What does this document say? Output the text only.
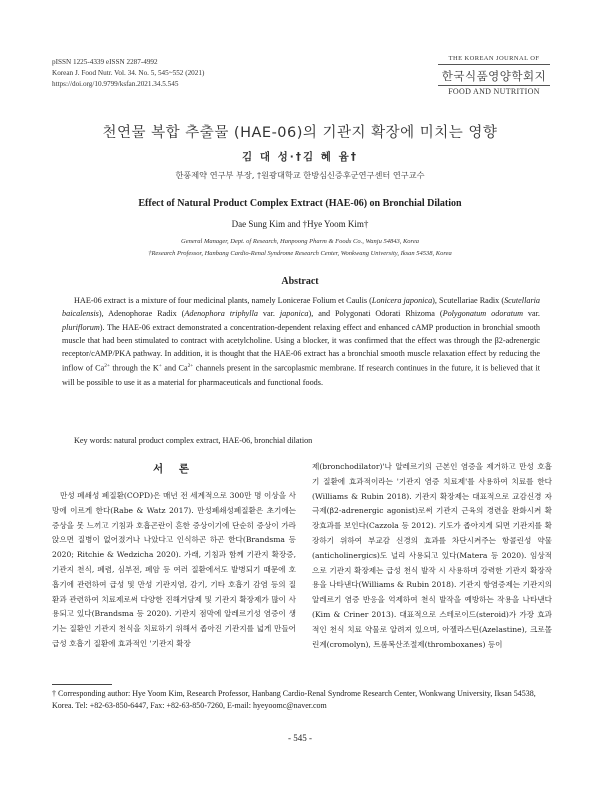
pISSN 1225-4339 eISSN 2287-4992
Korean J. Food Nutr. Vol. 34. No. 5, 545~552 (2021)
https://doi.org/10.9799/ksfan.2021.34.5.545
THE KOREAN JOURNAL OF
한국식품영양학회지
FOOD AND NUTRITION
천연물 복합 추출물 (HAE-06)의 기관지 확장에 미치는 영향
김 대 성·†김 혜 윰†
한풍제약 연구부 부장, †원광대학교 한방심신증후군연구센터 연구교수
Effect of Natural Product Complex Extract (HAE-06) on Bronchial Dilation
Dae Sung Kim and †Hye Yoom Kim†
General Manager, Dept. of Research, Hanpoong Pharm & Foods Co., Wanju 54843, Korea
†Research Professor, Hanbang Cardio-Renal Syndrome Research Center, Wonkwang University, Iksan 54538, Korea
Abstract
HAE-06 extract is a mixture of four medicinal plants, namely Lonicerae Folium et Caulis (Lonicera japonica), Scutellariae Radix (Scutellaria baicalensis), Adenophorae Radix (Adenophora triphylla var. japonica), and Polygonati Odorati Rhizoma (Polygonatum odoratum var. pluriflorum). The HAE-06 extract demonstrated a concentration-dependent relaxing effect and enhanced cAMP production in bronchial smooth muscle that had been stimulated to contract with acetylcholine. Using a blocker, it was confirmed that the effect was through the β2-adrenergic receptor/cAMP/PKA pathway. In addition, it is thought that the HAE-06 extract has a bronchial smooth muscle relaxation effect by reducing the inflow of $Ca^{2+}$ through the K+ and $Ca^{2+}$ channels present in the sarcoplasmic membrane. If research continues in the future, it is believed that it will be possible to use it as a material for pharmaceuticals and functional foods.
Key words: natural product complex extract, HAE-06, bronchial dilation
서 론
만성 폐쇄성 폐질환(COPD)은 매년 전 세계적으로 300만 명 이상을 사망에 이르게 한다(Rabe & Watz 2017). 만성폐쇄성폐질환은 초기에는 증상을 못 느끼고 기침과 호흡곤란이 흔한 증상이기에 단순히 증상이 가라앉으면 질병이 없어졌거나 나았다고 인식하곤 하곤 한다(Brandsma 등 2020; Ritchie & Wedzicha 2020). 가래, 기침과 함께 기관지 확장증, 기관지 천식, 폐렴, 심부전, 폐암 등 여러 질환에서도 발병되기 때문에 호흡기에 관련하여 급성 및 만성 기관지염, 감기, 기타 호흡기 감염 등의 질환과 관련하여 치료제로써 다양한 진해거담제 및 기관지 확장제가 많이 사용되고 있다(Brandsma 등 2020). 기관지 점막에 알레르기성 염증이 생기는 질환인 기관지 천식을 치료하기 위해서 좁아진 기관지를 넓게 만들어 급성 호흡기 질환에 효과적인 '기관지 확장
제(bronchodilator)'나 알레르기의 근본인 염증을 제거하고 만성 호흡기 질환에 효과적이라는 '기관지 염증 치료제'를 사용하여 치료를 한다(Williams & Rubin 2018). 기관지 확장제는 대표적으로 교감신경 자극제(β2-adrenergic agonist)로써 기관지 근육의 경련을 완화시켜 확장효과를 보인다(Cazzola 등 2012). 기도가 좁아지게 되면 기관지를 확장하기 위하여 부교감 신경의 효과를 차단시켜주는 항콜린성 약물(anticholinergics)도 널리 사용되고 있다(Matera 등 2020). 임상적으로 기관지 확장제는 급성 천식 발작 시 사용하며 강력한 기관지 확장작용을 나타낸다(Williams & Rubin 2018). 기관지 항염증제는 기관지의 알레르기 염증 반응을 억제하여 천식 발작을 예방하는 작용을 나타낸다(Kim & Criner 2013). 대표적으로 스테로이드(steroid)가 가장 효과적인 천식 치료 약물로 알려져 있으며, 아젤라스틴(Azelastine), 크로몰린계(cromolyn), 트롬복산조절제(thromboxanes) 등이
† Corresponding author: Hye Yoom Kim, Research Professor, Hanbang Cardio-Renal Syndrome Research Center, Wonkwang University, Iksan 54538, Korea. Tel: +82-63-850-6447, Fax: +82-63-850-7260, E-mail: hyeyoomc@naver.com
- 545 -
